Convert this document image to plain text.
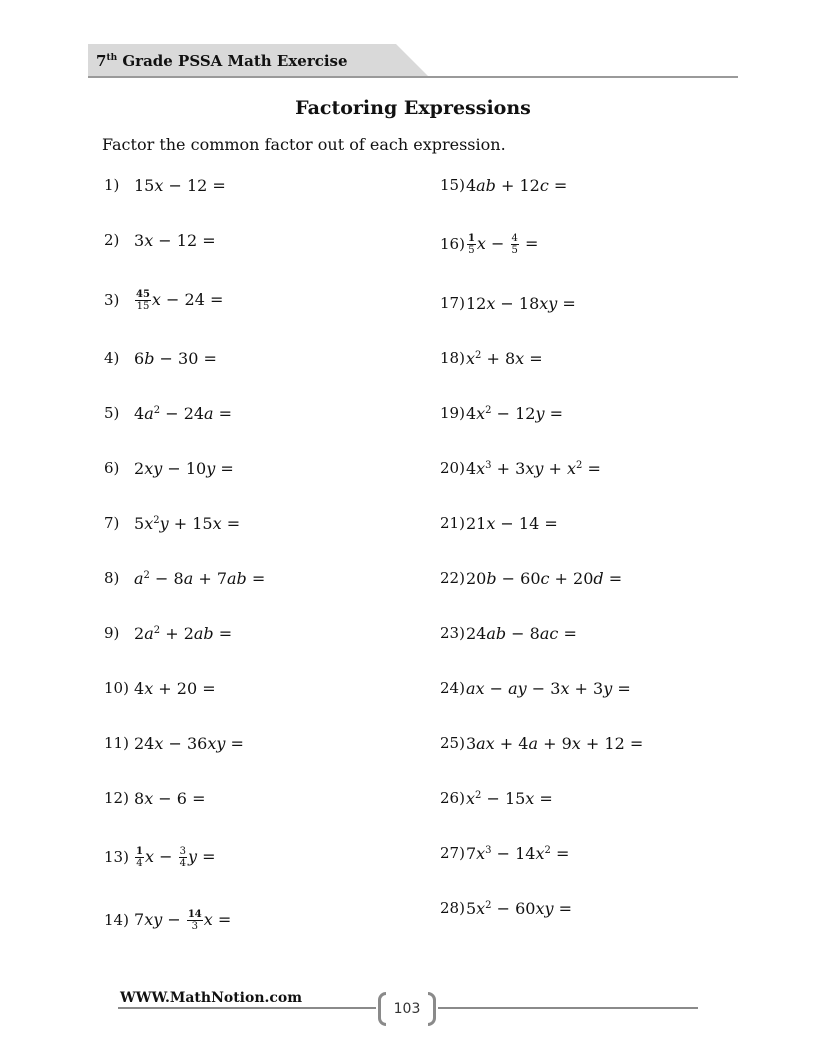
7th Grade PSSA Math Exercise
Factoring Expressions
Factor the common factor out of each expression.
1) 15x − 12 =
2) 3x − 12 =
3)	$\frac{45}{15}$ x − 24 =
4) 6b − 30 =
5) $4a^2 - 24a$ =
6) 2xy − 10y =
7) $5x^2y + 15x$ =
8) $a^2 - 8a + 7ab$ =
9) $2a^2 + 2ab$ =
10) 4x + 20 =
11) 24x − 36xy =
12) 8x − 6 =
$13) \frac{1}{4}$ $x - \frac{3}{4}$ y =
14) $7xy - \frac{14}{3}$ x =
15) 4ab + 12c =
$16) \frac{1}{5}$ $x - \frac{4}{5}$ =
17) 12x − 18xy =
18) $x^2 + 8x$ =
19) $4x^2 - 12y$ =
20) $4x^3 + 3xy + x^2$ =
21) 21x − 14 =
22) 20b − 60c + 20d =
23) 24ab − 8ac =
24) ax − ay − 3x + 3y =
25) 3ax + 4a + 9x + 12 =
26) $x^2 - 15x$ =
27) $7x^3 - 14x^2$ =
28) $5x^2 - 60xy$ =
WWW.MathNotion.com
103
